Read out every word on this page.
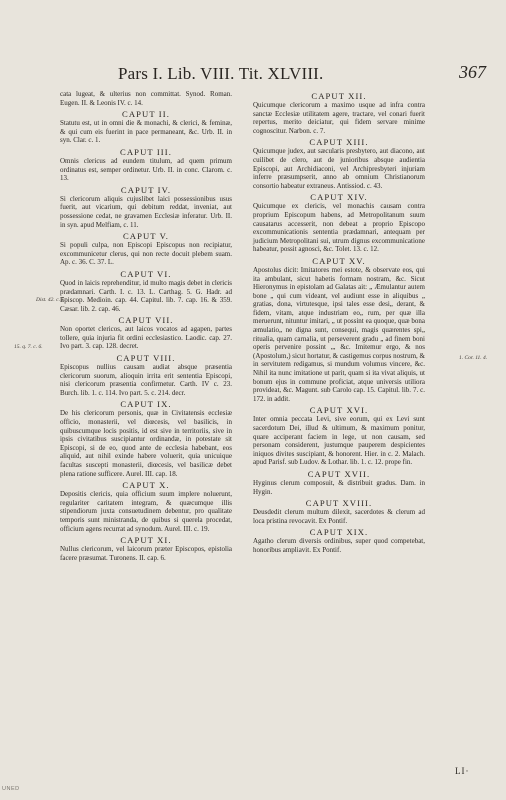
Pars I. Lib. VIII. Tit. XLVIII.	367
cata lugeat, & ulterius non committat. Synod. Roman. Eugen. II. & Leonis IV. c. 14.
CAPUT II.
Statutu est, ut in omni die & monachi, & clerici, & feminæ, & qui cum eis fuerint in pace permaneant, &c. Urb. II. in syn. Clar. c. 1.
CAPUT III.
Omnis clericus ad eundem titulum, ad quem primum ordinatus est, semper ordinetur. Urb. II. in conc. Clarom. c. 13.
CAPUT IV.
Si clericorum aliquis cujuslibet laici possessionibus usus fuerit, aut vicarium, qui debitum reddat, inveniat, aut possessione cedat, ne gravamen Ecclesiæ inferatur. Urb. II. in syn. apud Melfiam, c. 11.
CAPUT V.
Si populi culpa, non Episcopi Episcopus non recipiatur, excommunicetur clerus, qui non recte docuit plebem suam. Ap. c. 36. C. 37. L.
CAPUT VI.
Quod in laicis reprehenditur, id multo magis debet in clericis prædamnari. Carth. I. c. 13. L. Carthag. 5. G. Hadr. ad Episcop. Medioin. cap. 44. Capitul. lib. 7. cap. 16. & 359. Cæsar. lib. 2. cap. 46.
CAPUT VII.
Non oportet clericos, aut laicos vocatos ad agapen, partes tollere, quia injuria fit ordini ecclesiastico. Laodic. cap. 27. Ivo part. 3. cap. 128. decret.
CAPUT VIII.
Episcopus nullius causam audiat absque præsentia clericorum suorum, alioquin irrita erit sententia Episcopi, nisi clericorum præsentia confirmetur. Carth. IV c. 23. Burch. lib. 1. c. 114. Ivo part. 5. c. 214. decr.
CAPUT IX.
De his clericorum personis, quæ in Civitatensis ecclesiæ officio, monasterii, vel diœcesis, vel basilicis, in quibuscumque locis positis, id est sive in territoriis, sive in ipsis civitatibus suscipiantur ordinandæ, in potestate sit Episcopi, si de eo, quod ante de ecclesia habebant, eos aliquid, aut nihil exinde habere voluerit, quia unicuique facultas suscepti monasterii, diœcesis, vel basilicæ debet plena ratione sufficere. Aurel. III. cap. 18.
CAPUT X.
Depositis clericis, quia officium suum implere noluerunt, regulariter caritatem integram, & quæcumque illis stipendiorum juxta consuetudinem debentur, pro qualitate temporis sunt ministranda, de quibus si querela procedat, officium agens recurrat ad synodum. Aurel. III. c. 19.
CAPUT XI.
Nullus clericorum, vel laicorum præter Episcopos, epistolia facere præsumat. Turonens. II. cap. 6.
CAPUT XII.
Quicumque clericorum a maximo usque ad infra contra sanctæ Ecclesiæ utilitatem agere, tractare, vel conari fuerit repertus, merito deiciatur, qui fidem servare minime cognoscitur. Narbon. c. 7.
CAPUT XIII.
Quicumque judex, aut sæcularis presbytero, aut diacono, aut cuilibet de clero, aut de junioribus absque audientia Episcopi, aut Archidiaconi, vel Archipresbyteri injuriam inferre præsumpserit, anno ab omnium Christianorum consortio habeatur extraneus. Antissiod. c. 43.
CAPUT XIV.
Quicumque ex clericis, vel monachis causam contra proprium Episcopum habens, ad Metropolitanum suum causatarus accesserit, non debeat a proprio Episcopo excommunicationis sententia prædamnari, antequam per judicium Metropolitani sui, utrum dignus excommunicatione habeatur, possit agnosci, &c. Tolet. 13. c. 12.
CAPUT XV.
Apostolus dicit: Imitatores mei estote, & observate eos, qui ita ambulant, sicut habetis formam nostram, &c. Sicut Hieronymus in epistolam ad Galatas ait: „ Æmulantur autem bone „ qui cum videant, vel audiunt esse in aliquibus „ gratias, dona, virtutesque, ipsi tales esse desi„ derant, & fidem, vitam, atque industriam eo„ rum, per quæ illa meruerunt, nituntur imitari, „ ut possint ea quoque, quæ bona æmulatio„ ne digna sunt, consequi, magis quærentes spi„ ritualia, quam carnalia, ut perseverent gradu „ ad finem boni operis pervenire possint „, &c. Imitemur ergo, & nos (Apostolum,) sicut hortatur, & castigemus corpus nostrum, & in servitutem redigamus, si mundum volumus vincere, &c. Nihil ita nunc imitatione ut parit, quam si ita vivat aliquis, ut bonum ejus in commune proficiat, atque universis utiliora provideat, &c. Magunt. sub Carolo cap. 15. Capitul. lib. 7. c. 172. in addit.
CAPUT XVI.
Inter omnia peccata Levi, sive eorum, qui ex Levi sunt sacerdotum Dei, illud & ultimum, & maximum ponitur, quare acciperant faciem in lege, ut non causam, sed personam considerent, justumque pauperem despicientes iniquos divites suscipiant, & honorent. Hier. in c. 2. Malach. apud Parisf. sub Ludov. & Lothar. lib. 1. c. 12. prope fin.
CAPUT XVII.
Hyginus clerum composuit, & distribuit gradus. Dam. in Hygin.
CAPUT XVIII.
Deusdedit clerum multum dilexit, sacerdotes & clerum ad loca pristina revocavit. Ex Pontif.
CAPUT XIX.
Agatho clerum diversis ordinibus, super quod competebat, honoribus ampliavit. Ex Pontif.
Dist. 42. c. 5.
15. q. 7. c. 6.
1. Cor. 11. 4.
LI·
UNED
